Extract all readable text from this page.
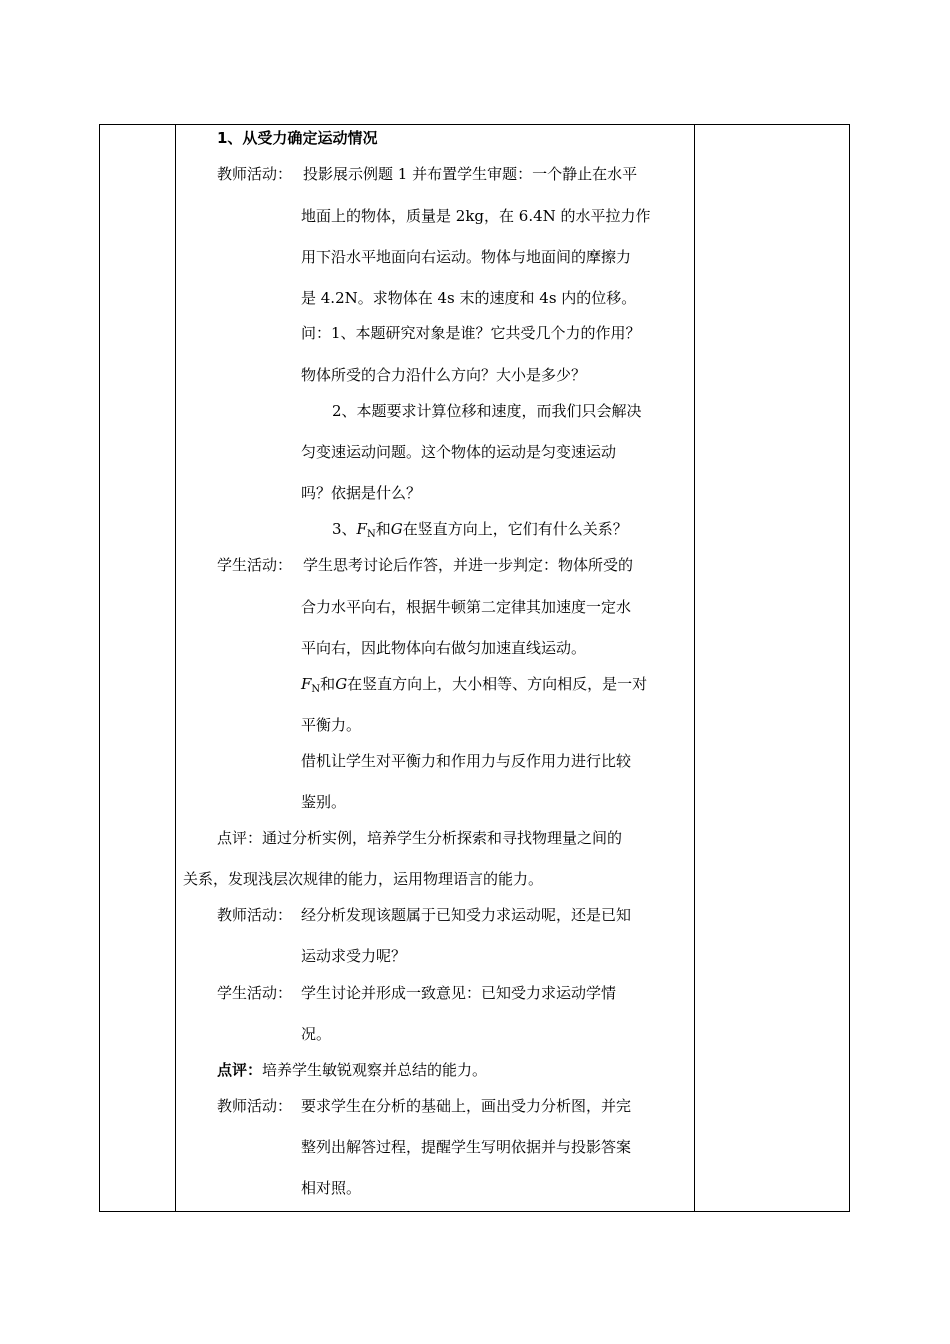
1、从受力确定运动情况
教师活动： 投影展示例题 1 并布置学生审题：一个静止在水平
地面上的物体，质量是 2kg，在 6.4N 的水平拉力作
用下沿水平地面向右运动。物体与地面间的摩擦力
是 4.2N。求物体在 4s 末的速度和 4s 内的位移。
问：1、本题研究对象是谁？它共受几个力的作用？
物体所受的合力沿什么方向？大小是多少？
2、本题要求计算位移和速度，而我们只会解决
匀变速运动问题。这个物体的运动是匀变速运动
吗？依据是什么？
3、$F_N$和G在竖直方向上，它们有什么关系？
学生活动： 学生思考讨论后作答，并进一步判定：物体所受的
合力水平向右，根据牛顿第二定律其加速度一定水
平向右，因此物体向右做匀加速直线运动。
$F_N$和G在竖直方向上，大小相等、方向相反，是一对
平衡力。
借机让学生对平衡力和作用力与反作用力进行比较
鉴别。
点评：通过分析实例，培养学生分析探索和寻找物理量之间的
关系，发现浅层次规律的能力，运用物理语言的能力。
教师活动： 经分析发现该题属于已知受力求运动呢，还是已知
运动求受力呢？
学生活动： 学生讨论并形成一致意见：已知受力求运动学情
况。
点评：培养学生敏锐观察并总结的能力。
教师活动： 要求学生在分析的基础上，画出受力分析图，并完
整列出解答过程，提醒学生写明依据并与投影答案
相对照。
